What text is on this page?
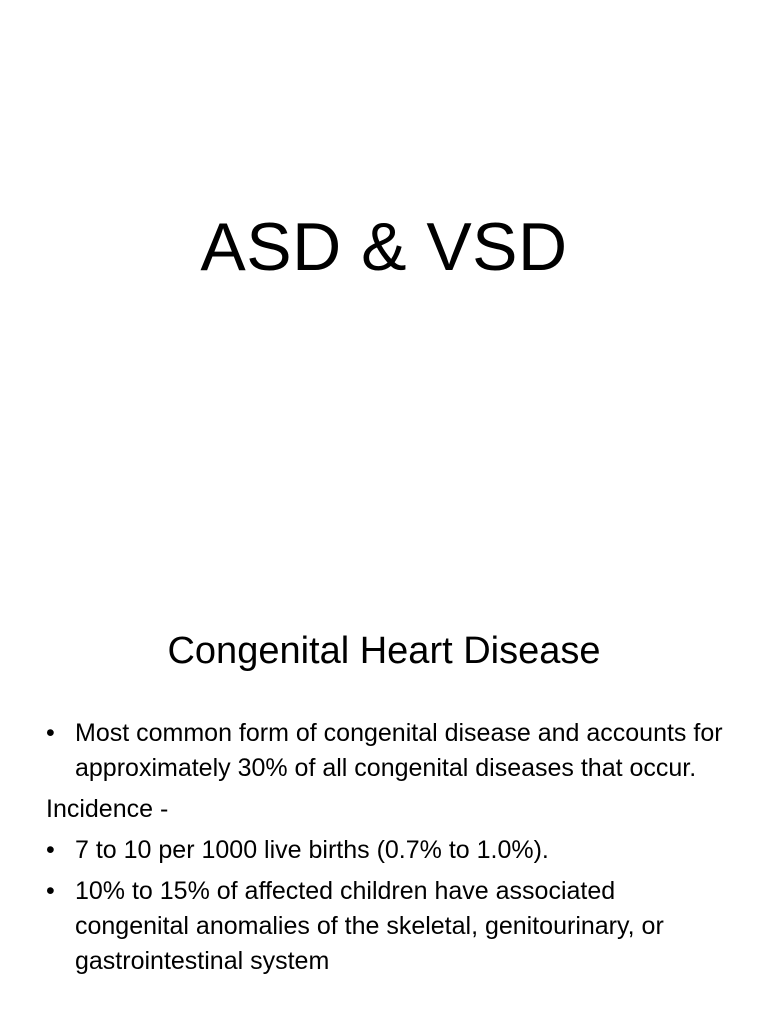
ASD & VSD
Congenital Heart Disease
• Most common form of congenital disease and accounts for approximately 30% of all congenital diseases that occur.
Incidence -
• 7 to 10 per 1000 live births (0.7% to 1.0%).
• 10% to 15% of affected children have associated congenital anomalies of the skeletal, genitourinary, or gastrointestinal system
